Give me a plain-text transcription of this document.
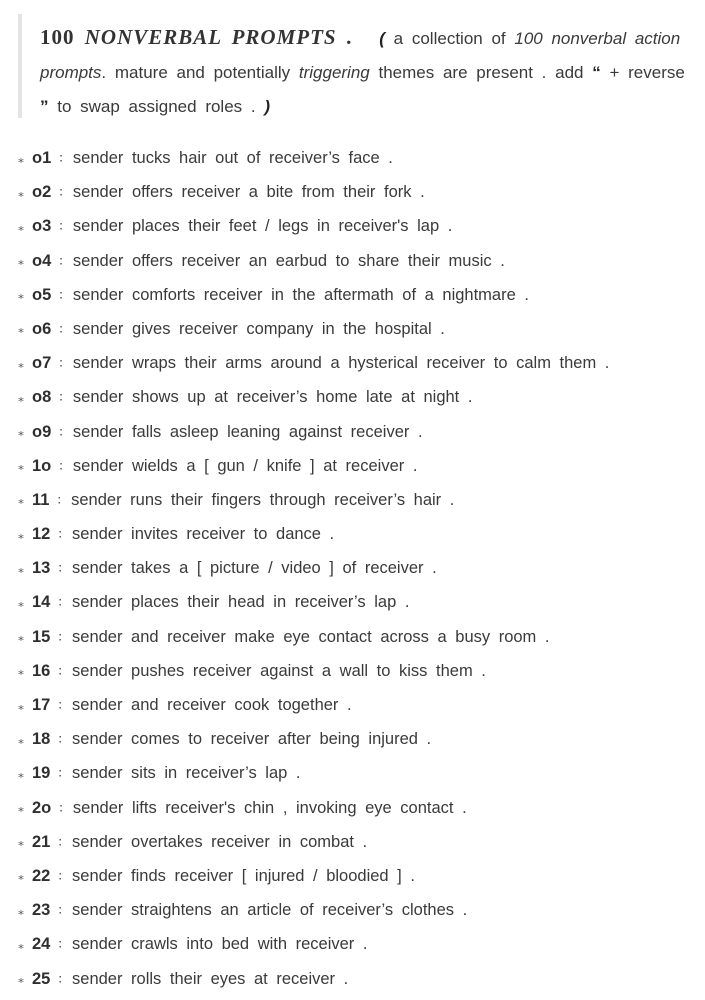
100 NONVERBAL PROMPTS . ( a collection of 100 nonverbal action prompts. mature and potentially triggering themes are present . add “ + reverse ” to swap assigned roles . )
⁎ o1 ∶ sender tucks hair out of receiver’s face .
⁎ o2 ∶ sender offers receiver a bite from their fork .
⁎ o3 ∶ sender places their feet / legs in receiver's lap .
⁎ o4 ∶ sender offers receiver an earbud to share their music .
⁎ o5 ∶ sender comforts receiver in the aftermath of a nightmare .
⁎ o6 ∶ sender gives receiver company in the hospital .
⁎ o7 ∶ sender wraps their arms around a hysterical receiver to calm them .
⁎ o8 ∶ sender shows up at receiver’s home late at night .
⁎ o9 ∶ sender falls asleep leaning against receiver .
⁎ 1o ∶ sender wields a [ gun / knife ] at receiver .
⁎ 11 ∶ sender runs their fingers through receiver’s hair .
⁎ 12 ∶ sender invites receiver to dance .
⁎ 13 ∶ sender takes a [ picture / video ] of receiver .
⁎ 14 ∶ sender places their head in receiver’s lap .
⁎ 15 ∶ sender and receiver make eye contact across a busy room .
⁎ 16 ∶ sender pushes receiver against a wall to kiss them .
⁎ 17 ∶ sender and receiver cook together .
⁎ 18 ∶ sender comes to receiver after being injured .
⁎ 19 ∶ sender sits in receiver’s lap .
⁎ 2o ∶ sender lifts receiver's chin , invoking eye contact .
⁎ 21 ∶ sender overtakes receiver in combat .
⁎ 22 ∶ sender finds receiver [ injured / bloodied ] .
⁎ 23 ∶ sender straightens an article of receiver’s clothes .
⁎ 24 ∶ sender crawls into bed with receiver .
⁎ 25 ∶ sender rolls their eyes at receiver .
